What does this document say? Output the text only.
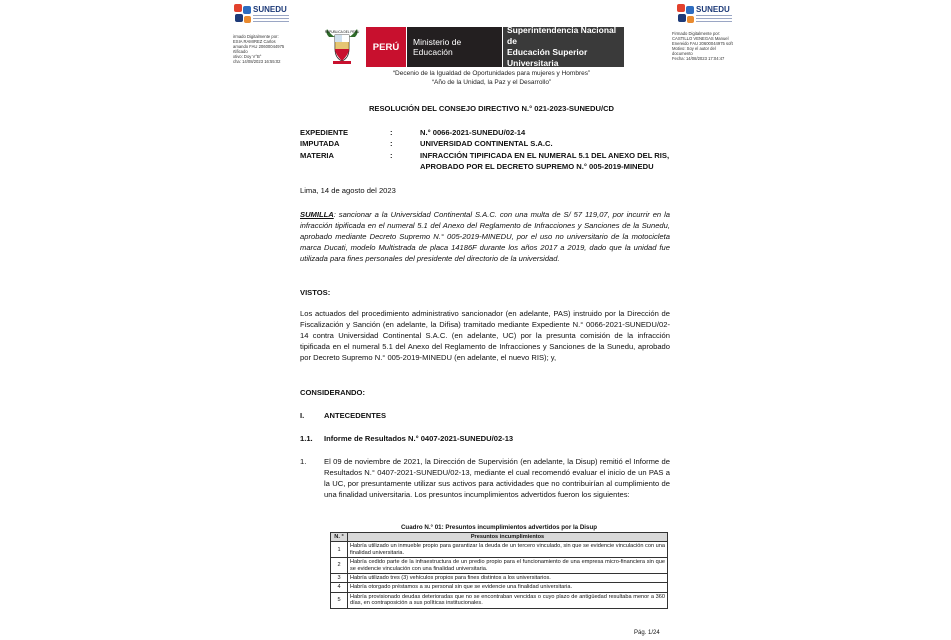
SUNEDU
irmado Digitalmente por:
ESIA RAMIREZ Carlos
amando FAU 20600044975
rtificado
xtivo: Doy V°B°
cha: 14/08/2023 16:55:02
SUNEDU
Firmado Digitalmente por:
CASTILLO VENEGAS Manuel
Enereido FAU 20600044975 soft
Motivo: Soy el autor del
documento
Fecha: 14/08/2023 17:04:47
REPUBLICA DEL PERU
PERÚ	Ministerio de Educación
Superintendencia Nacional de
Educación Superior Universitaria
“Decenio de la Igualdad de Oportunidades para mujeres y Hombres”
“Año de la Unidad, la Paz y el Desarrollo”
RESOLUCIÓN DEL CONSEJO DIRECTIVO N.° 021-2023-SUNEDU/CD
EXPEDIENTE	:	N.° 0066-2021-SUNEDU/02-14
IMPUTADA	:	UNIVERSIDAD CONTINENTAL S.A.C.
MATERIA	:	INFRACCIÓN TIPIFICADA EN EL NUMERAL 5.1 DEL ANEXO DEL RIS,
APROBADO POR EL DECRETO SUPREMO N.° 005-2019-MINEDU
Lima, 14 de agosto del 2023
SUMILLA: sancionar a la Universidad Continental S.A.C. con una multa de S/ 57 119,07, por incurrir en la infracción tipificada en el numeral 5.1 del Anexo del Reglamento de Infracciones y Sanciones de la Sunedu, aprobado mediante Decreto Supremo N.° 005-2019-MINEDU, por el uso no universitario de la motocicleta marca Ducati, modelo Multistrada de placa 14186F durante los años 2017 a 2019, dado que la unidad fue utilizada para fines personales del presidente del directorio de la universidad.
VISTOS:
Los actuados del procedimiento administrativo sancionador (en adelante, PAS) instruido por la Dirección de Fiscalización y Sanción (en adelante, la Difisa) tramitado mediante Expediente N.° 0066-2021-SUNEDU/02-14 contra Universidad Continental S.A.C. (en adelante, UC) por la presunta comisión de la infracción tipificada en el numeral 5.1 del Anexo del Reglamento de Infracciones y Sanciones de la Sunedu, aprobado por Decreto Supremo N.° 005-2019-MINEDU (en adelante, el nuevo RIS); y,
CONSIDERANDO:
I.	ANTECEDENTES
1.1. Informe de Resultados N.° 0407-2021-SUNEDU/02-13
1.	El 09 de noviembre de 2021, la Dirección de Supervisión (en adelante, la Disup) remitió el Informe de Resultados N.° 0407-2021-SUNEDU/02-13, mediante el cual recomendó evaluar el inicio de un PAS a la UC, por presuntamente utilizar sus activos para actividades que no contribuirían al cumplimiento de una finalidad universitaria. Los presuntos incumplimientos advertidos fueron los siguientes:
Cuadro N.° 01: Presuntos incumplimientos advertidos por la Disup
N. °	Presuntos incumplimientos
1	Habría utilizado un inmueble propio para garantizar la deuda de un tercero vinculado, sin que se evidencie vinculación con una finalidad universitaria.
2	Habría cedido parte de la infraestructura de un predio propio para el funcionamiento de una empresa micro-financiera sin que se evidencie vinculación con una finalidad universitaria.
3	Habría utilizado tres (3) vehículos propios para fines distintos a los universitarios.
4	Habría otorgado préstamos a su personal sin que se evidencie una finalidad universitaria.
5	Habría provisionado deudas deterioradas que no se encontraban vencidas o cuyo plazo de antigüedad resultaba menor a 360 días, en contraposición a sus políticas institucionales.
Pág. 1/24
